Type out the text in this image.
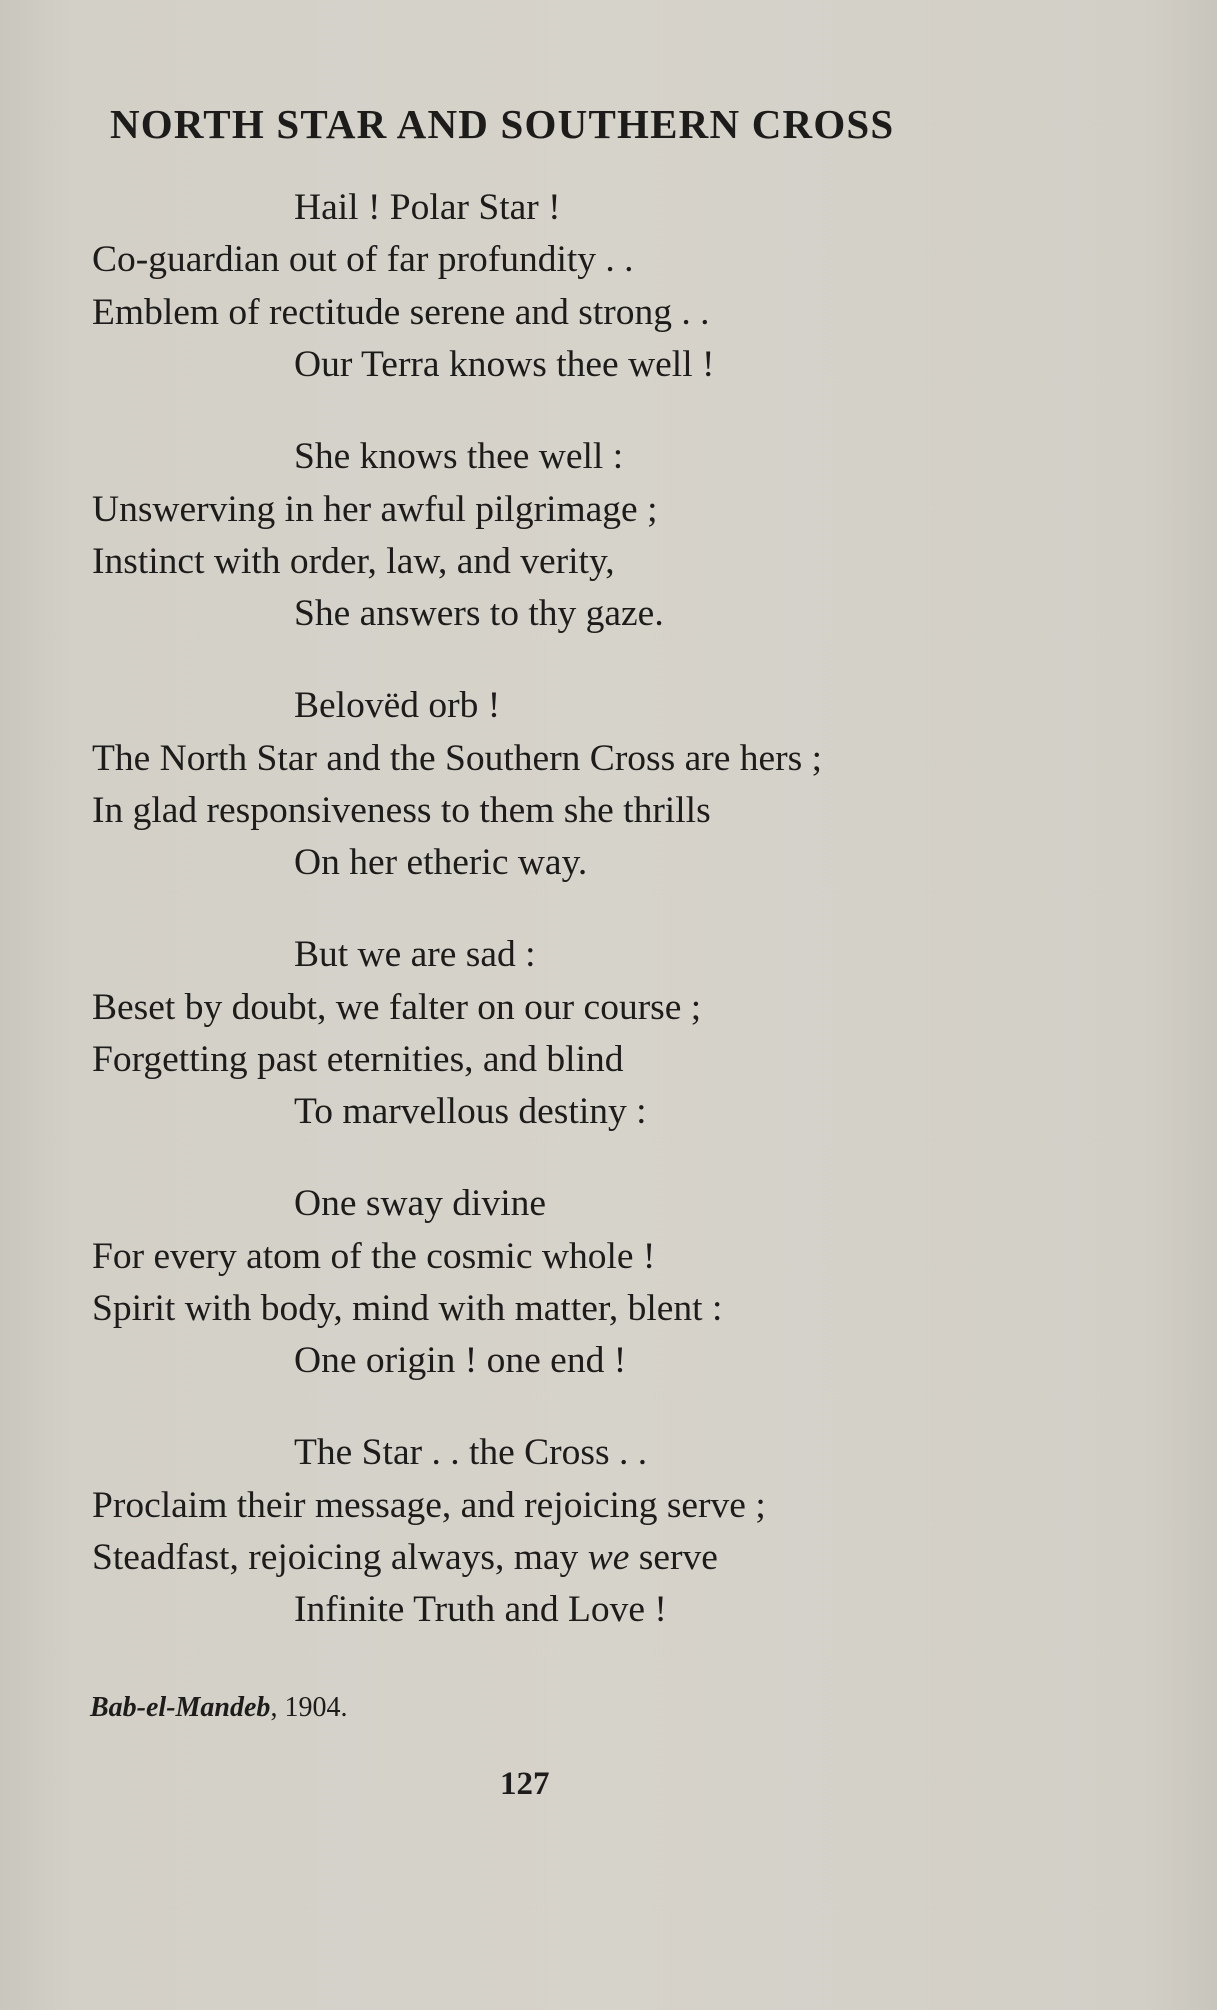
NORTH STAR AND SOUTHERN CROSS
Hail ! Polar Star !
Co-guardian out of far profundity . .
Emblem of rectitude serene and strong . .
Our Terra knows thee well !
She knows thee well :
Unswerving in her awful pilgrimage ;
Instinct with order, law, and verity,
She answers to thy gaze.
Belovëd orb !
The North Star and the Southern Cross are hers ;
In glad responsiveness to them she thrills
On her etheric way.
But we are sad :
Beset by doubt, we falter on our course ;
Forgetting past eternities, and blind
To marvellous destiny :
One sway divine
For every atom of the cosmic whole !
Spirit with body, mind with matter, blent :
One origin ! one end !
The Star . . the Cross . .
Proclaim their message, and rejoicing serve ;
Steadfast, rejoicing always, may we serve
Infinite Truth and Love !
Bab-el-Mandeb, 1904.
127
